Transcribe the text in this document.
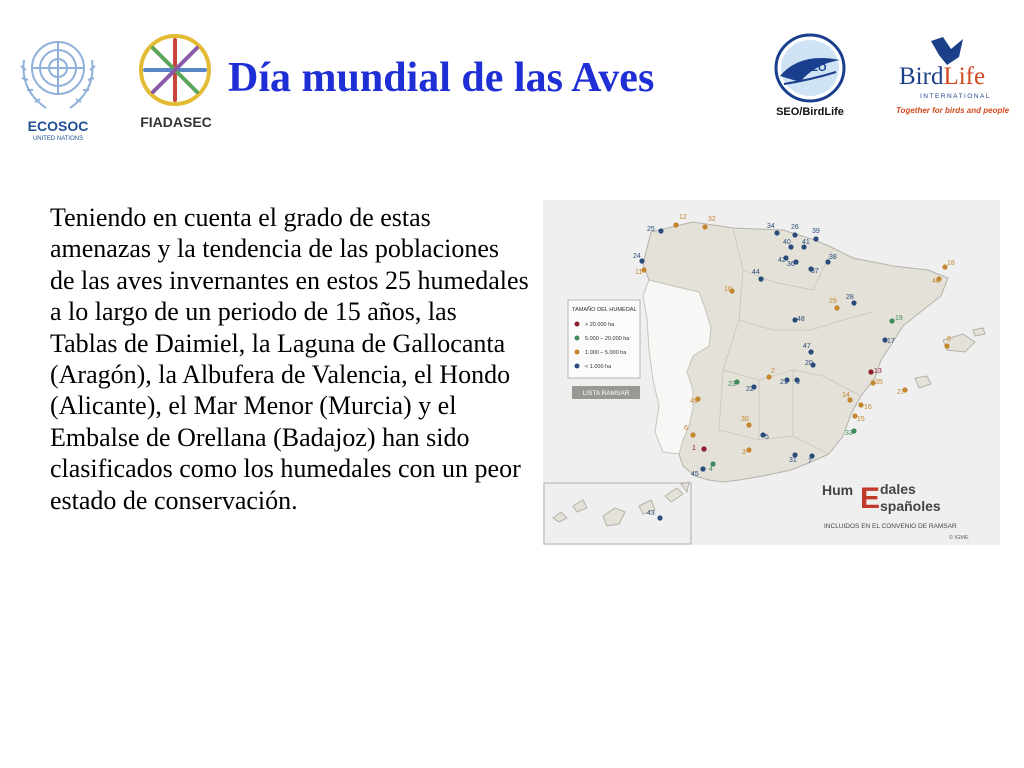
ECOSOC
UNITED NATIONS
FIADASEC
Día mundial de las Aves	SEO
SEO/BirdLife
BirdLife
INTERNATIONAL
Together for birds and people

Teniendo en cuenta el grado de estas amenazas y la tendencia de las poblaciones de las aves invernantes en estos 25 humedales a lo largo de un periodo de 15 años, las Tablas de Daimiel, la Laguna de Gallocanta (Aragón), la Albufera de Valencia, el Hondo (Alicante), el Mar Menor (Murcia) y el Embalse de Orellana (Badajoz) han sido clasificados como los humedales con un peor estado de conservación.

TAMAÑO DEL HUMEDAL
> 20.000 ha
5.000 – 20.000 ha
1.000 – 5.000 ha
< 1.000 ha
LISTA RAMSAR
Hum E dales
spañoles
INCLUIDOS EN EL CONVENIO DE RAMSAR
© IGME
12	32
25	34 26
39
40 41
42
36
37
38
24
11	44
10
18
46
29
28
19
48
17	8
47
20
13
35
2
21 9
23
22	27
49
14
16
15
33
30
5
3
6
1
4
45
31 7
43
